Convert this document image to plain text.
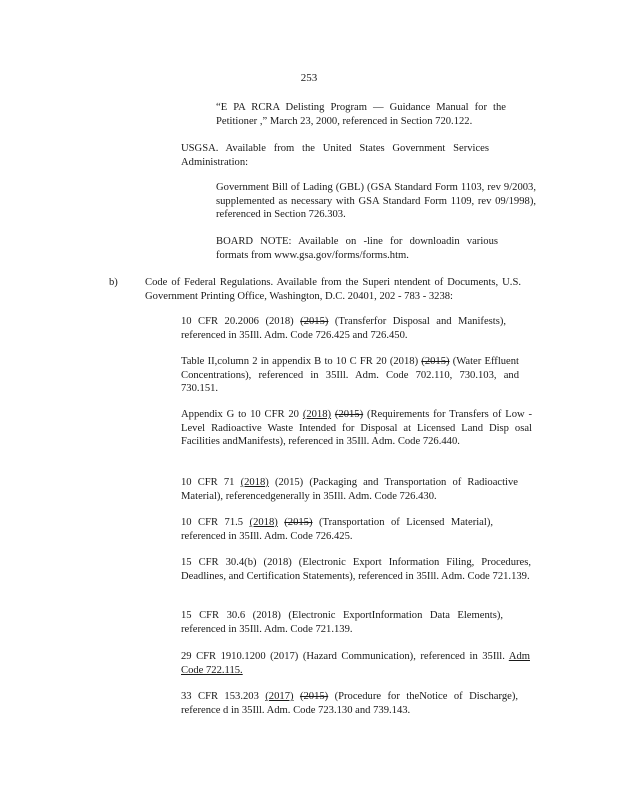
253
“E PA RCRA Delisting Program — Guidance Manual for the Petitioner ,” March 23, 2000, referenced in Section 720.122.
USGSA. Available from the United States Government Services Administration:
Government Bill of Lading (GBL) (GSA Standard Form 1103, rev 9/2003, supplemented as necessary with GSA Standard Form 1109, rev 09/1998), referenced in Section 726.303.
BOARD NOTE: Available on -line for downloadin various formats from www.gsa.gov/forms/forms.htm.
b)	Code of Federal Regulations. Available from the Superi ntendent of Documents, U.S. Government Printing Office, Washington, D.C. 20401, 202 - 783 - 3238:
10 CFR 20.2006 (2018) (2015) (Transferfor Disposal and Manifests), referenced in 35Ill. Adm. Code 726.425 and 726.450.
Table II,column 2 in appendix B to 10 C FR 20 (2018) (2015) (Water Effluent Concentrations), referenced in 35Ill. Adm. Code 702.110, 730.103, and 730.151.
Appendix G to 10 CFR 20 (2018) (2015) (Requirements for Transfers of Low - Level Radioactive Waste Intended for Disposal at Licensed Land Disp osal Facilities andManifests), referenced in 35Ill. Adm. Code 726.440.
10 CFR 71 (2018) (2015) (Packaging and Transportation of Radioactive Material), referencedgenerally in 35Ill. Adm. Code 726.430.
10 CFR 71.5 (2018) (2015) (Transportation of Licensed Material), referenced in 35Ill. Adm. Code 726.425.
15 CFR 30.4(b) (2018) (Electronic Export Information Filing, Procedures, Deadlines, and Certification Statements), referenced in 35Ill. Adm. Code 721.139.
15 CFR 30.6 (2018) (Electronic ExportInformation Data Elements), referenced in 35Ill. Adm. Code 721.139.
29 CFR 1910.1200 (2017) (Hazard Communication), referenced in 35Ill. Adm Code 722.115.
33 CFR 153.203 (2017) (2015) (Procedure for theNotice of Discharge), reference d in 35Ill. Adm. Code 723.130 and 739.143.
